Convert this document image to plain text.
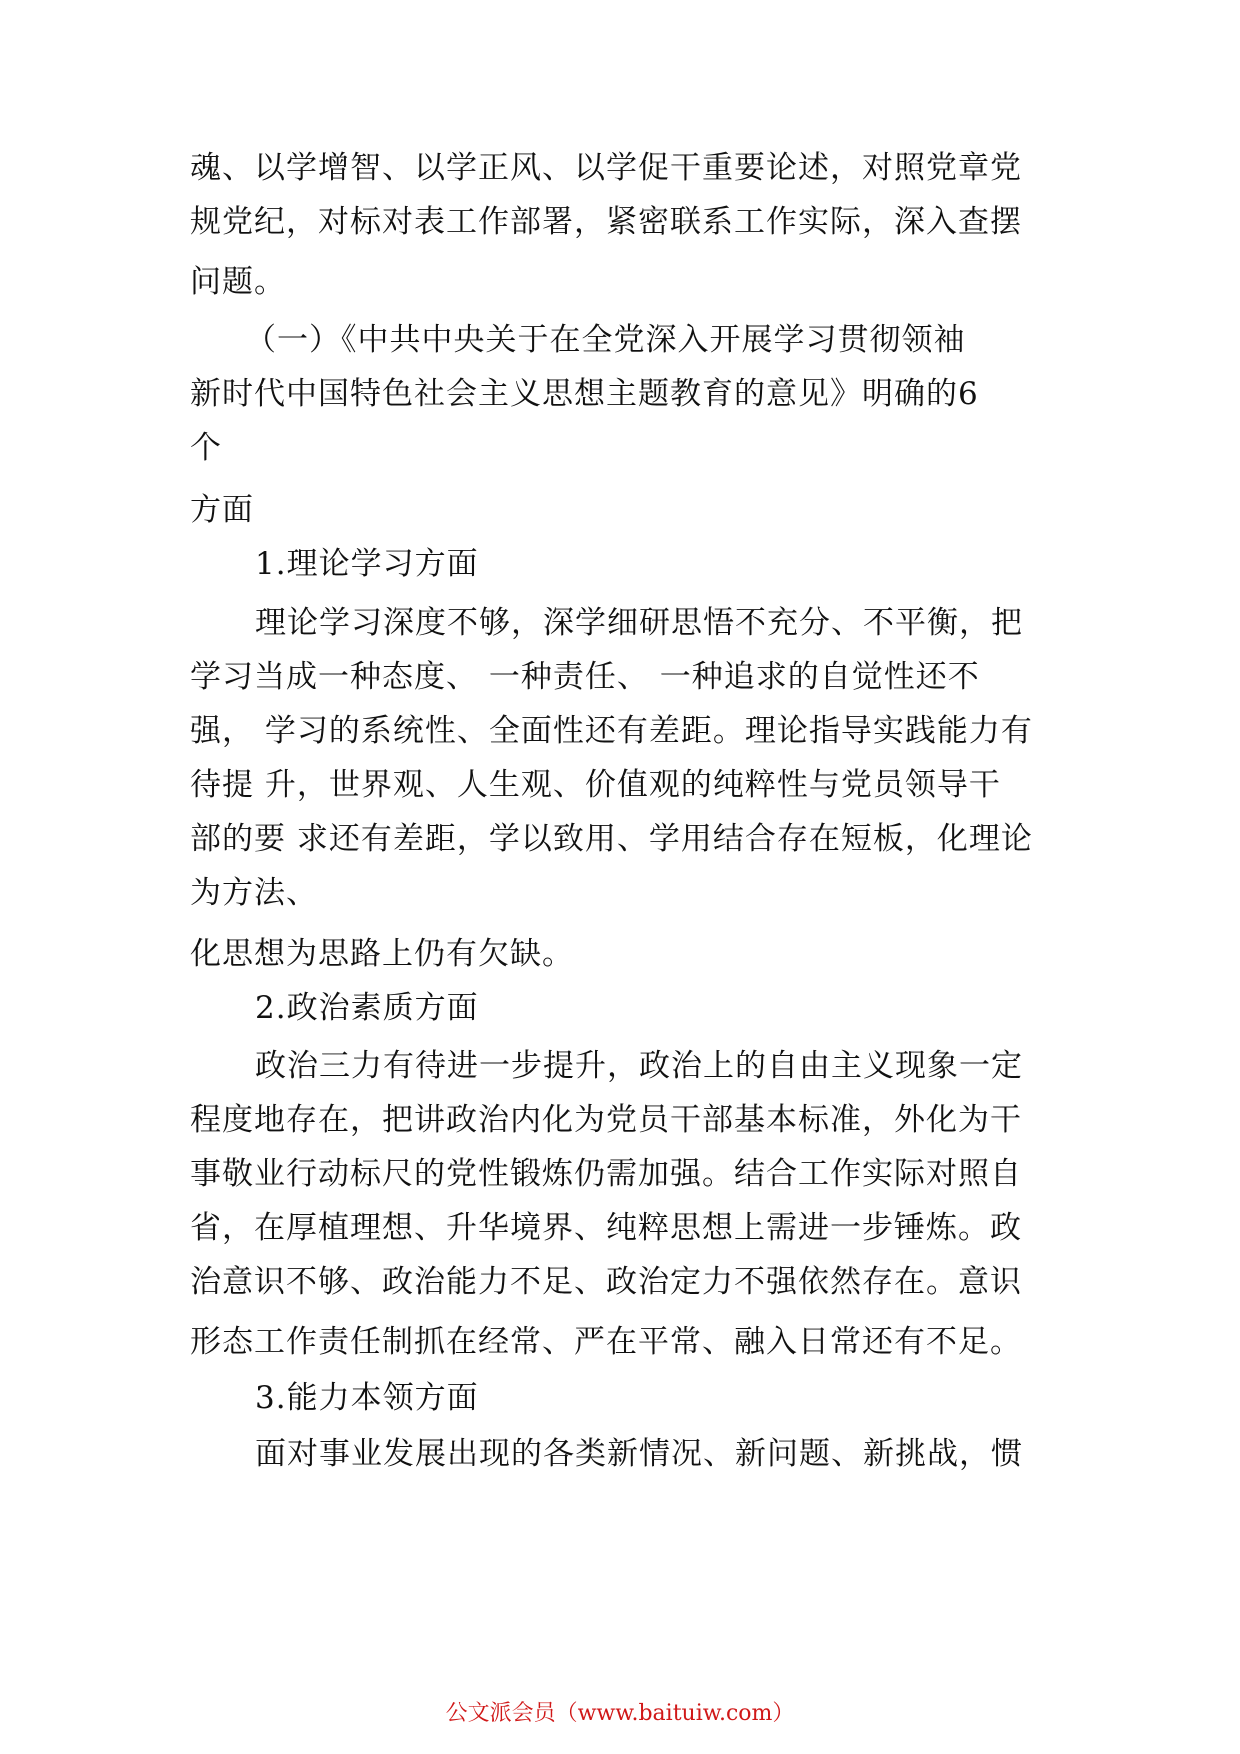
魂、以学增智、以学正风、以学促干重要论述，对照党章党
规党纪，对标对表工作部署，紧密联系工作实际，深入查摆
问题。
（一）《中共中央关于在全党深入开展学习贯彻领袖
新时代中国特色社会主义思想主题教育的意见》明确的6
个
方面
1.理论学习方面
理论学习深度不够，深学细研思悟不充分、不平衡，把
学习当成一种态度、 一种责任、 一种追求的自觉性还不
强， 学习的系统性、全面性还有差距。理论指导实践能力有
待提 升，世界观、人生观、价值观的纯粹性与党员领导干
部的要 求还有差距，学以致用、学用结合存在短板，化理论
为方法、
化思想为思路上仍有欠缺。
2.政治素质方面
政治三力有待进一步提升，政治上的自由主义现象一定
程度地存在，把讲政治内化为党员干部基本标准，外化为干
事敬业行动标尺的党性锻炼仍需加强。结合工作实际对照自
省，在厚植理想、升华境界、纯粹思想上需进一步锤炼。政
治意识不够、政治能力不足、政治定力不强依然存在。意识
形态工作责任制抓在经常、严在平常、融入日常还有不足。
3.能力本领方面
面对事业发展出现的各类新情况、新问题、新挑战，惯
公文派会员（www.baituiw.com）
